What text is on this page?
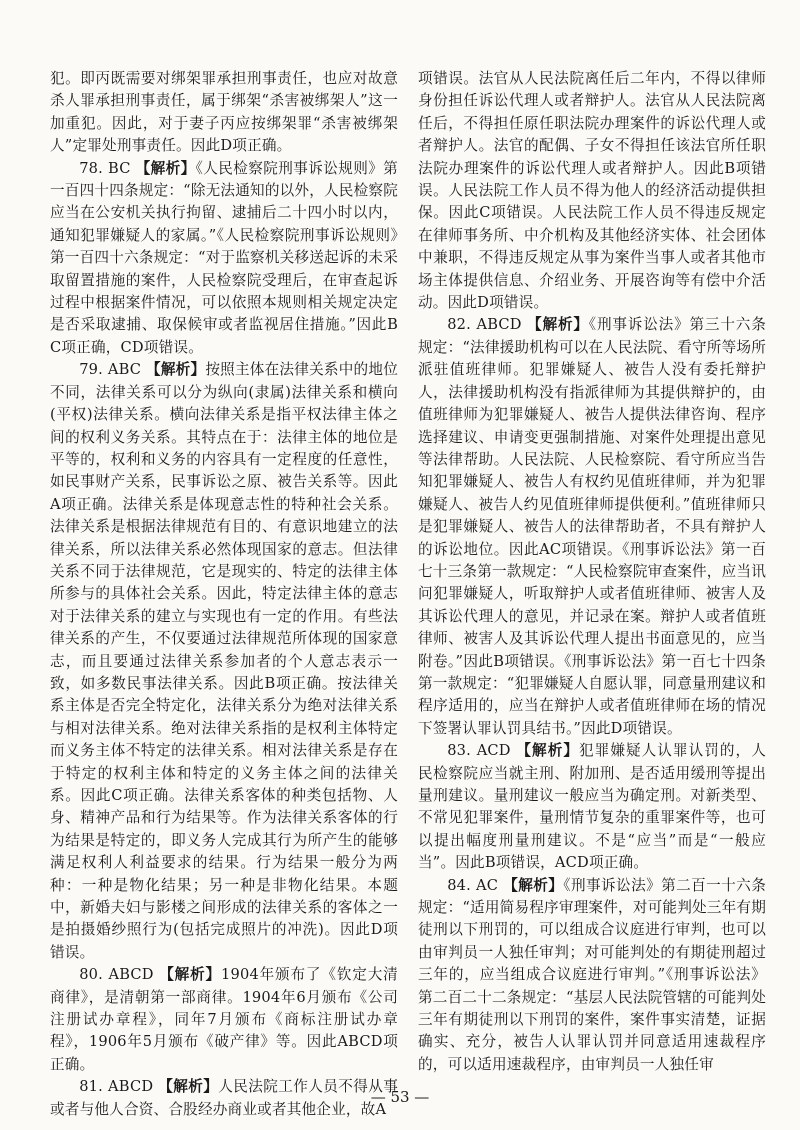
犯。即丙既需要对绑架罪承担刑事责任，也应对故意杀人罪承担刑事责任，属于绑架“杀害被绑架人”这一加重犯。因此，对于妻子丙应按绑架罪“杀害被绑架人”定罪处刑事责任。因此D项正确。

78. BC 【解析】《人民检察院刑事诉讼规则》第一百四十四条规定：“除无法通知的以外，人民检察院应当在公安机关执行拘留、逮捕后二十四小时以内，通知犯罪嫌疑人的家属。”《人民检察院刑事诉讼规则》第一百四十六条规定：“对于监察机关移送起诉的未采取留置措施的案件，人民检察院受理后，在审查起诉过程中根据案件情况，可以依照本规则相关规定决定是否采取逮捕、取保候审或者监视居住措施。”因此BC项正确，CD项错误。

79. ABC 【解析】按照主体在法律关系中的地位不同，法律关系可以分为纵向(隶属)法律关系和横向(平权)法律关系。横向法律关系是指平权法律主体之间的权利义务关系。其特点在于：法律主体的地位是平等的，权利和义务的内容具有一定程度的任意性，如民事财产关系，民事诉讼之原、被告关系等。因此A项正确。法律关系是体现意志性的特种社会关系。法律关系是根据法律规范有目的、有意识地建立的法律关系，所以法律关系必然体现国家的意志。但法律关系不同于法律规范，它是现实的、特定的法律主体所参与的具体社会关系。因此，特定法律主体的意志对于法律关系的建立与实现也有一定的作用。有些法律关系的产生，不仅要通过法律规范所体现的国家意志，而且要通过法律关系参加者的个人意志表示一致，如多数民事法律关系。因此B项正确。按法律关系主体是否完全特定化，法律关系分为绝对法律关系与相对法律关系。绝对法律关系指的是权利主体特定而义务主体不特定的法律关系。相对法律关系是存在于特定的权利主体和特定的义务主体之间的法律关系。因此C项正确。法律关系客体的种类包括物、人身、精神产品和行为结果等。作为法律关系客体的行为结果是特定的，即义务人完成其行为所产生的能够满足权利人利益要求的结果。行为结果一般分为两种：一种是物化结果；另一种是非物化结果。本题中，新婚夫妇与影楼之间形成的法律关系的客体之一是拍摄婚纱照行为(包括完成照片的冲洗)。因此D项错误。

80. ABCD 【解析】1904年颁布了《钦定大清商律》，是清朝第一部商律。1904年6月颁布《公司注册试办章程》，同年7月颁布《商标注册试办章程》，1906年5月颁布《破产律》等。因此ABCD项正确。

81. ABCD 【解析】人民法院工作人员不得从事或者与他人合资、合股经办商业或者其他企业，故A

项错误。法官从人民法院离任后二年内，不得以律师身份担任诉讼代理人或者辩护人。法官从人民法院离任后，不得担任原任职法院办理案件的诉讼代理人或者辩护人。法官的配偶、子女不得担任该法官所任职法院办理案件的诉讼代理人或者辩护人。因此B项错误。人民法院工作人员不得为他人的经济活动提供担保。因此C项错误。人民法院工作人员不得违反规定在律师事务所、中介机构及其他经济实体、社会团体中兼职，不得违反规定从事为案件当事人或者其他市场主体提供信息、介绍业务、开展咨询等有偿中介活动。因此D项错误。

82. ABCD 【解析】《刑事诉讼法》第三十六条规定：“法律援助机构可以在人民法院、看守所等场所派驻值班律师。犯罪嫌疑人、被告人没有委托辩护人，法律援助机构没有指派律师为其提供辩护的，由值班律师为犯罪嫌疑人、被告人提供法律咨询、程序选择建议、申请变更强制措施、对案件处理提出意见等法律帮助。人民法院、人民检察院、看守所应当告知犯罪嫌疑人、被告人有权约见值班律师，并为犯罪嫌疑人、被告人约见值班律师提供便利。”值班律师只是犯罪嫌疑人、被告人的法律帮助者，不具有辩护人的诉讼地位。因此AC项错误。《刑事诉讼法》第一百七十三条第一款规定：“人民检察院审查案件，应当讯问犯罪嫌疑人，听取辩护人或者值班律师、被害人及其诉讼代理人的意见，并记录在案。辩护人或者值班律师、被害人及其诉讼代理人提出书面意见的，应当附卷。”因此B项错误。《刑事诉讼法》第一百七十四条第一款规定：“犯罪嫌疑人自愿认罪，同意量刑建议和程序适用的，应当在辩护人或者值班律师在场的情况下签署认罪认罚具结书。”因此D项错误。

83. ACD 【解析】犯罪嫌疑人认罪认罚的，人民检察院应当就主刑、附加刑、是否适用缓刑等提出量刑建议。量刑建议一般应当为确定刑。对新类型、不常见犯罪案件，量刑情节复杂的重罪案件等，也可以提出幅度刑量刑建议。不是“应当”而是“一般应当”。因此B项错误，ACD项正确。

84. AC 【解析】《刑事诉讼法》第二百一十六条规定：“适用简易程序审理案件，对可能判处三年有期徒刑以下刑罚的，可以组成合议庭进行审判，也可以由审判员一人独任审判；对可能判处的有期徒刑超过三年的，应当组成合议庭进行审判。”《刑事诉讼法》第二百二十二条规定：“基层人民法院管辖的可能判处三年有期徒刑以下刑罚的案件，案件事实清楚，证据确实、充分，被告人认罪认罚并同意适用速裁程序的，可以适用速裁程序，由审判员一人独任审

— 53 —
